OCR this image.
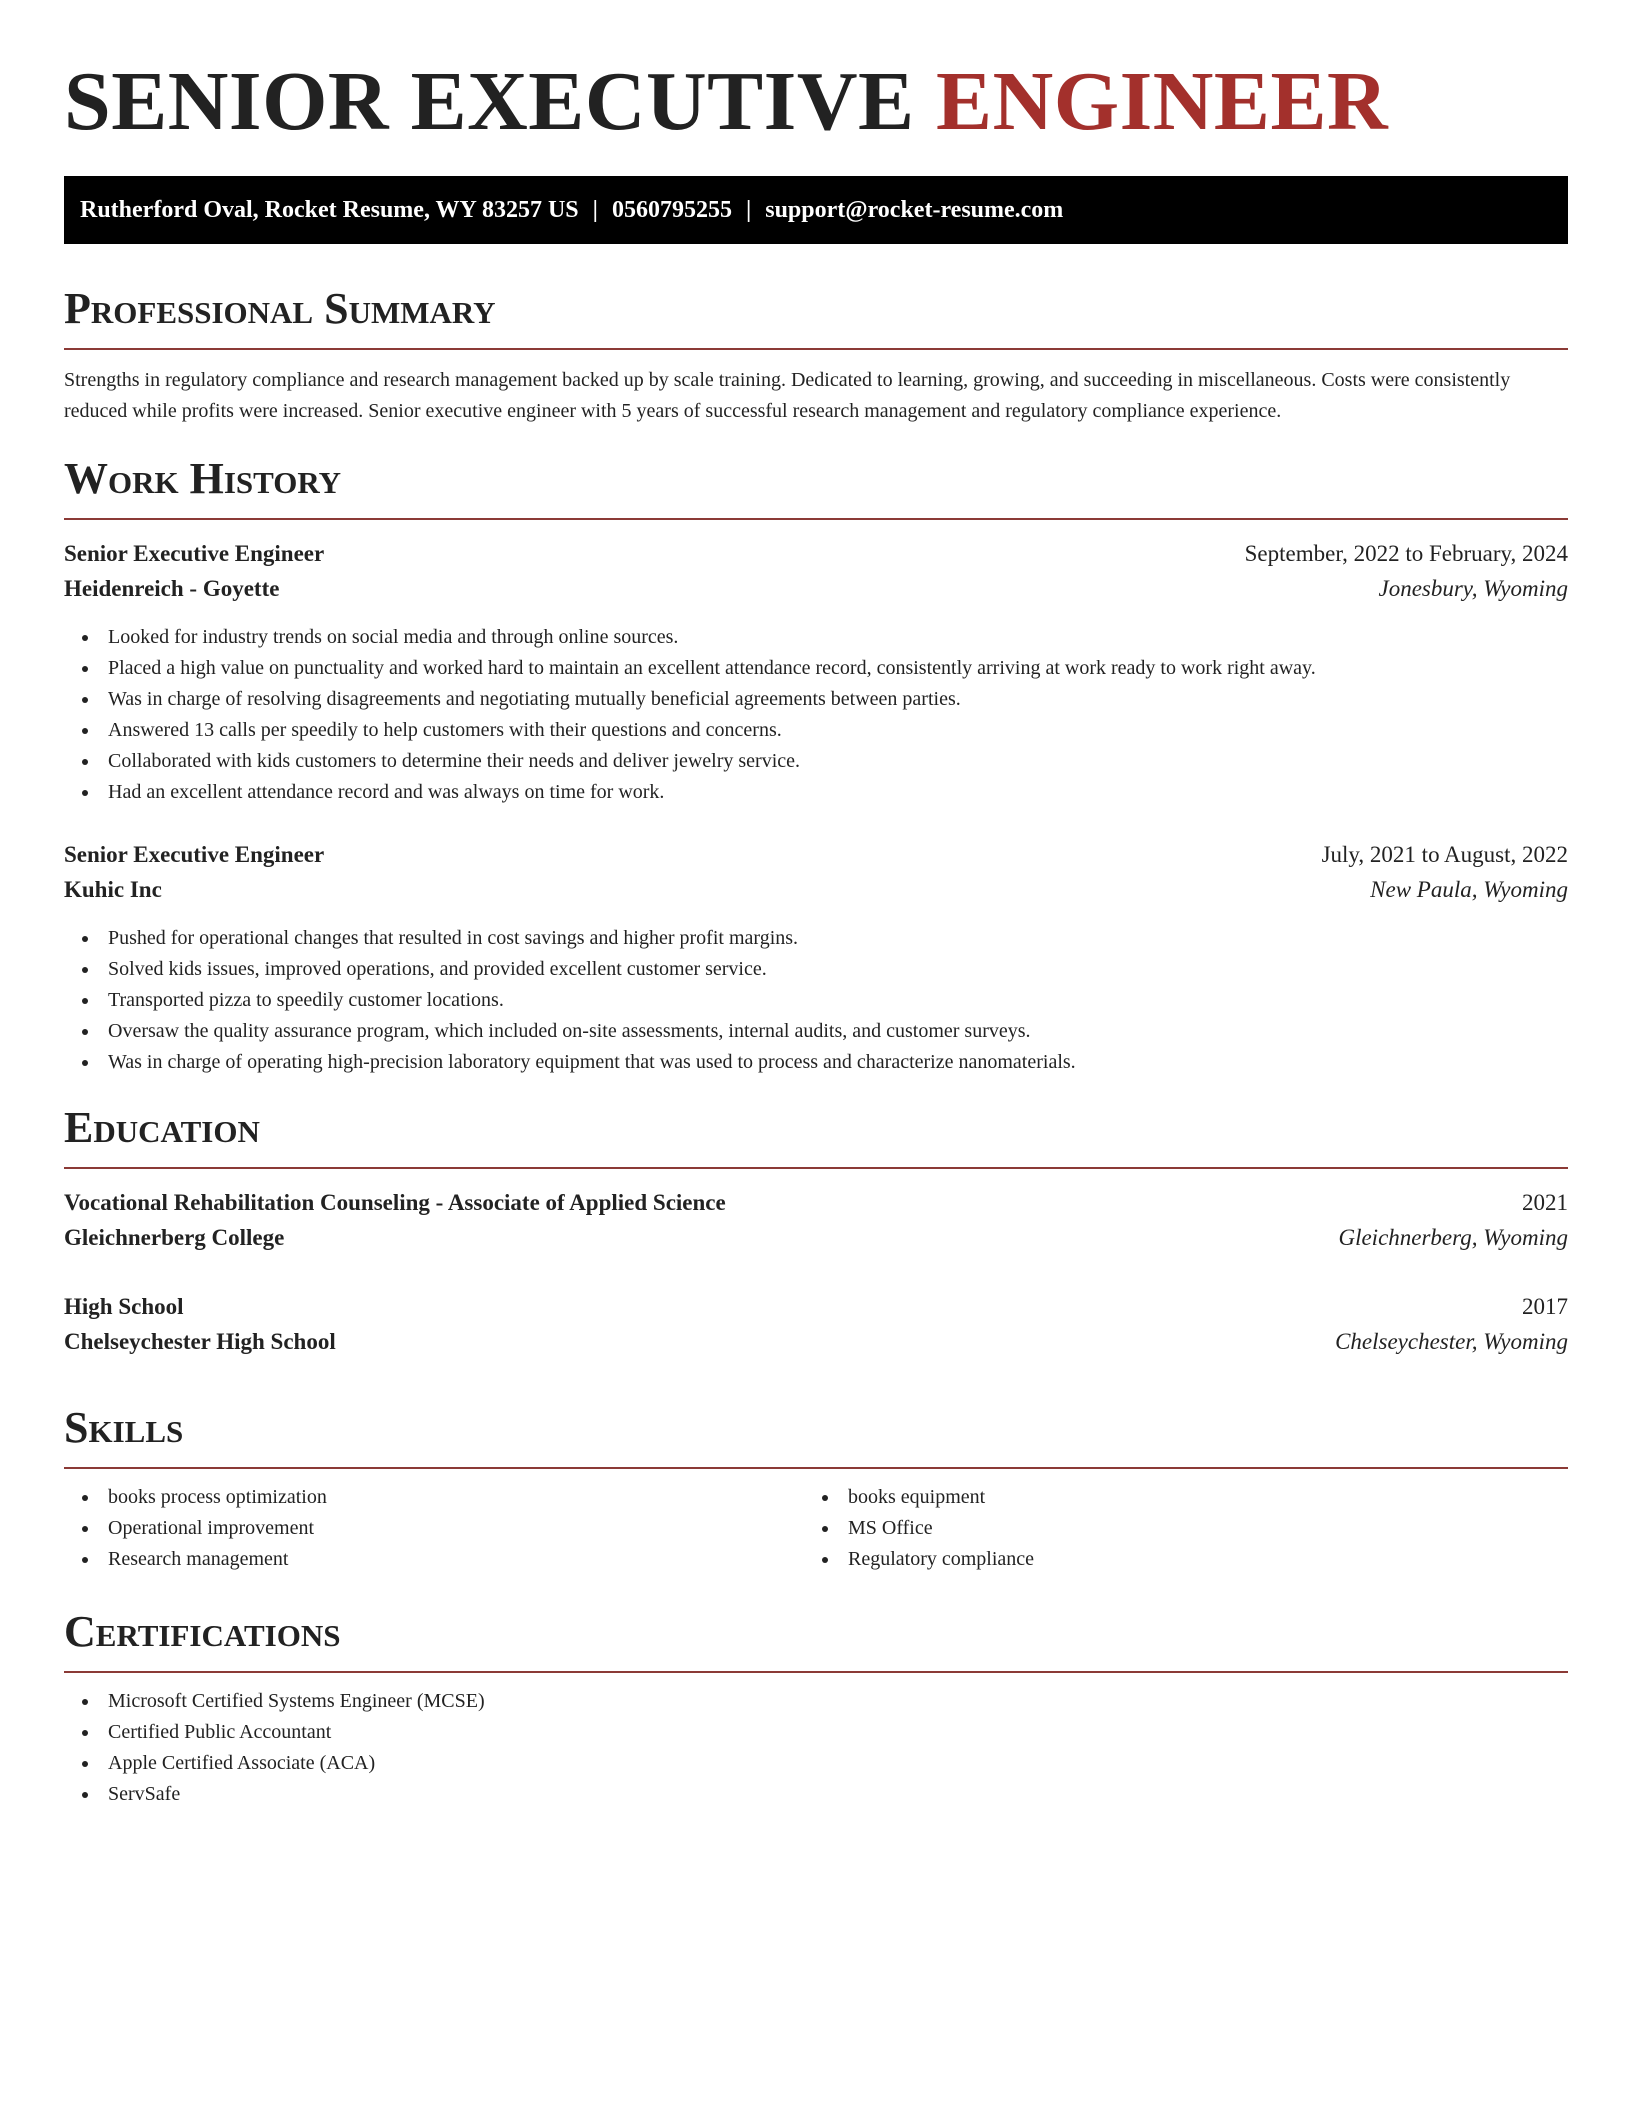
SENIOR EXECUTIVE ENGINEER
Rutherford Oval, Rocket Resume, WY 83257 US | 0560795255 | support@rocket-resume.com
Professional Summary

Strengths in regulatory compliance and research management backed up by scale training. Dedicated to learning, growing, and succeeding in miscellaneous. Costs were consistently reduced while profits were increased. Senior executive engineer with 5 years of successful research management and regulatory compliance experience.

Work History
Senior Executive Engineer	September, 2022 to February, 2024
Heidenreich - Goyette	Jonesbury, Wyoming
Looked for industry trends on social media and through online sources.
Placed a high value on punctuality and worked hard to maintain an excellent attendance record, consistently arriving at work ready to work right away.
Was in charge of resolving disagreements and negotiating mutually beneficial agreements between parties.
Answered 13 calls per speedily to help customers with their questions and concerns.
Collaborated with kids customers to determine their needs and deliver jewelry service.
Had an excellent attendance record and was always on time for work.
Senior Executive Engineer	July, 2021 to August, 2022
Kuhic Inc	New Paula, Wyoming
Pushed for operational changes that resulted in cost savings and higher profit margins.
Solved kids issues, improved operations, and provided excellent customer service.
Transported pizza to speedily customer locations.
Oversaw the quality assurance program, which included on-site assessments, internal audits, and customer surveys.
Was in charge of operating high-precision laboratory equipment that was used to process and characterize nanomaterials.
Education
Vocational Rehabilitation Counseling - Associate of Applied Science	2021
Gleichnerberg College	Gleichnerberg, Wyoming
High School	2017
Chelseychester High School	Chelseychester, Wyoming
Skills
books process optimization
Operational improvement
Research management
books equipment
MS Office
Regulatory compliance
Certifications
Microsoft Certified Systems Engineer (MCSE)
Certified Public Accountant
Apple Certified Associate (ACA)
ServSafe
